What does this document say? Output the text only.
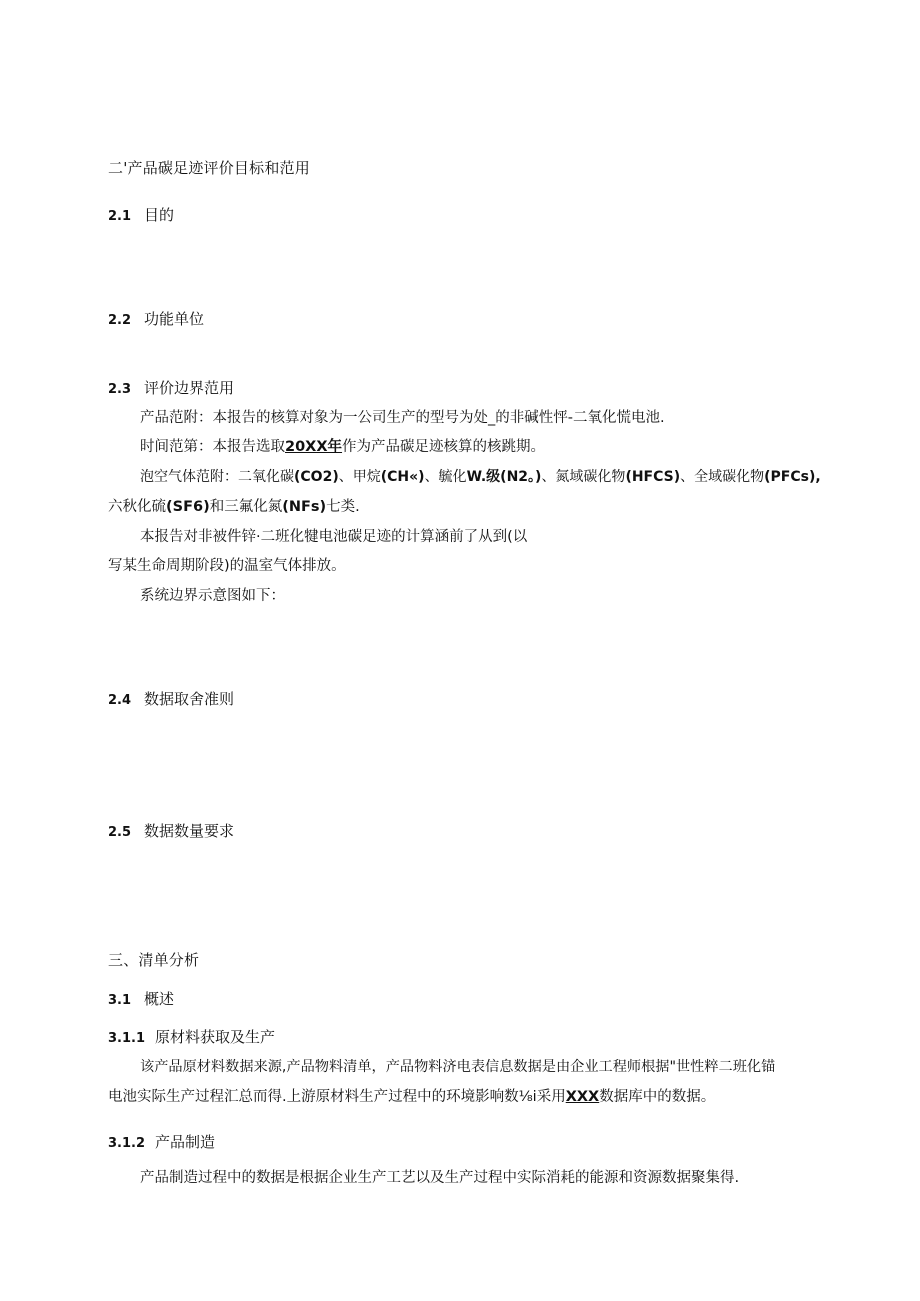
二'产品碳足迹评价目标和范用
2.1 目的
2.2 功能单位
2.3 评价边界范用
产品范附：本报告的核算对象为一公司生产的型号为处_的非碱性怦-二氧化慌电池.
时间范第：本报告选取20XX年作为产品碳足迹核算的核跳期。
泡空气体范附：二氧化碳(CO2)、甲烷(CH«)、毓化W.级(N2。)、氮域碳化物(HFCS)、全域碳化物(PFCs),
六秋化硫(SF6)和三氟化氮(NFs)七类.
本报告对非被件锌·二班化犍电池碳足迹的计算涵前了从到(以
写某生命周期阶段)的温室气体排放。
系统边界示意图如下：
2.4 数据取舍准则
2.5 数据数量要求
三、清单分析
3.1 概述
3.1.1 原材料获取及生产
该产品原材料数据来源,产品物料清单，产品物料济电表信息数据是由企业工程师根据"世性粹二班化锚
电池实际生产过程汇总而得.上游原材料生产过程中的环境影响数⅛i采用XXX数据库中的数据。
3.1.2 产品制造
产品制造过程中的数据是根据企业生产工艺以及生产过程中实际消耗的能源和资源数据聚集得.
